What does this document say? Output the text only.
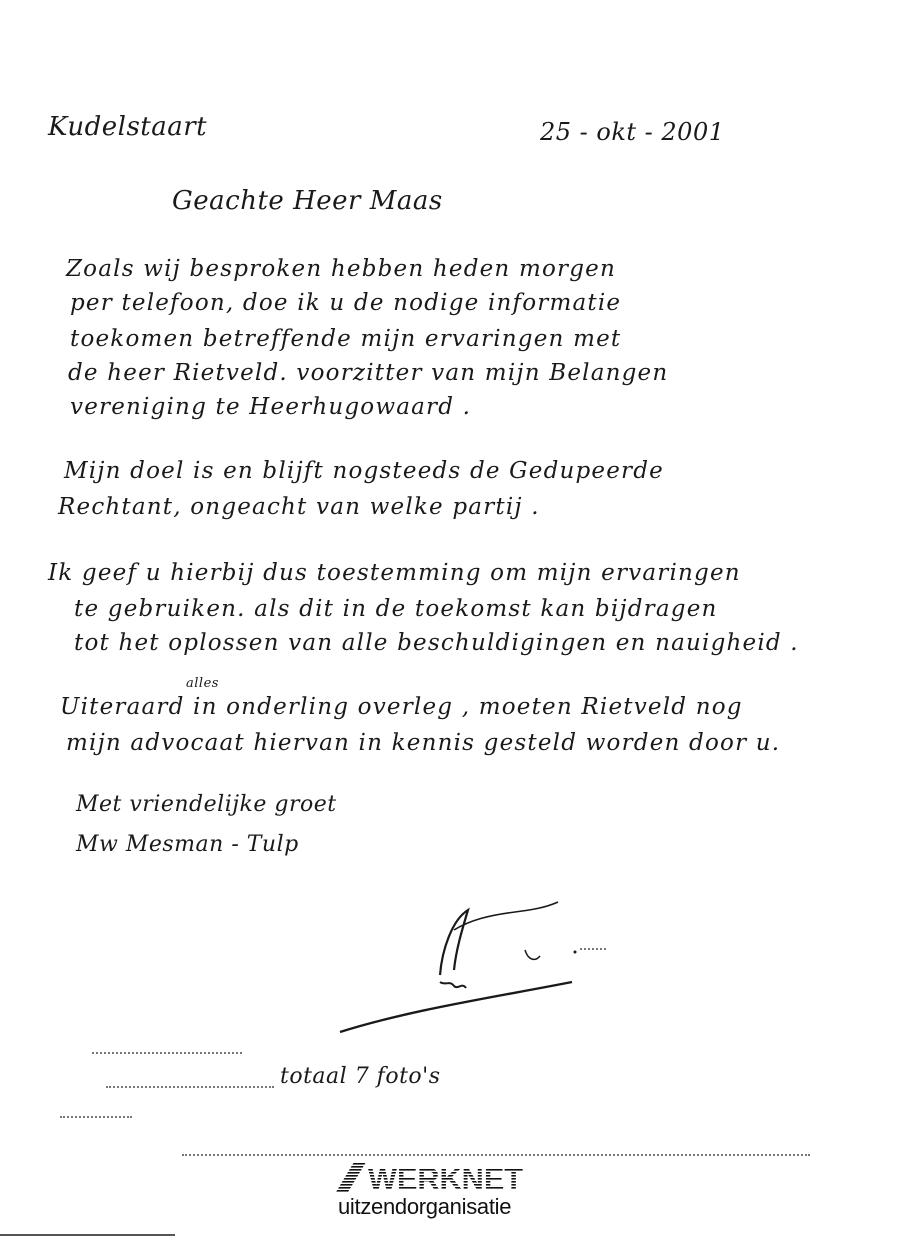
Kudelstaart	25 - okt - 2001
Geachte Heer Maas
Zoals wij besproken hebben heden morgen
per telefoon, doe ik u de nodige informatie
toekomen betreffende mijn ervaringen met
de heer Rietveld. voorzitter van mijn Belangen
vereniging te Heerhugowaard .
Mijn doel is en blijft nogsteeds de Gedupeerde
Rechtant, ongeacht van welke partij .
Ik geef u hierbij dus toestemming om mijn ervaringen
te gebruiken. als dit in de toekomst kan bijdragen
tot het oplossen van alle beschuldigingen en nauigheid .
alles
Uiteraard in onderling overleg , moeten Rietveld nog
mijn advocaat hiervan in kennis gesteld worden door u.
Met vriendelijke groet
Mw Mesman - Tulp
totaal 7 foto's
WERKNET
uitzendorganisatie
